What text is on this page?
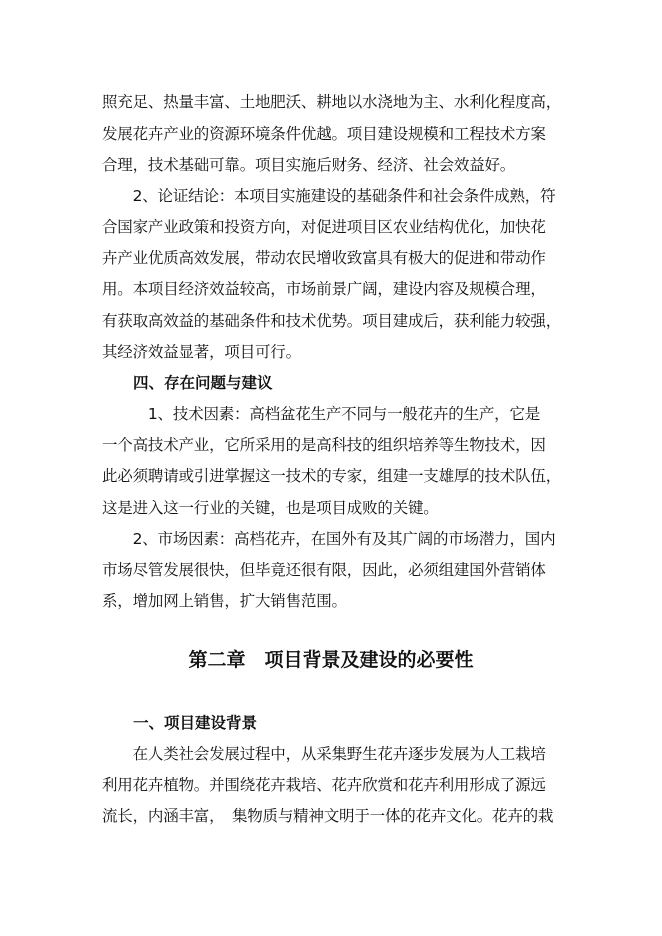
照充足、热量丰富、土地肥沃、耕地以水浇地为主、水利化程度高，
发展花卉产业的资源环境条件优越。项目建设规模和工程技术方案
合理，技术基础可靠。项目实施后财务、经济、社会效益好。
　　2、论证结论：本项目实施建设的基础条件和社会条件成熟，符
合国家产业政策和投资方向，对促进项目区农业结构优化，加快花
卉产业优质高效发展，带动农民增收致富具有极大的促进和带动作
用。本项目经济效益较高，市场前景广阔，建设内容及规模合理，
有获取高效益的基础条件和技术优势。项目建成后，获利能力较强，
其经济效益显著，项目可行。
四、存在问题与建议
　　　1、技术因素：高档盆花生产不同与一般花卉的生产，它是
一个高技术产业，它所采用的是高科技的组织培养等生物技术，因
此必须聘请或引进掌握这一技术的专家，组建一支雄厚的技术队伍，
这是进入这一行业的关键，也是项目成败的关键。
　　2、市场因素：高档花卉，在国外有及其广阔的市场潜力，国内
市场尽管发展很快，但毕竟还很有限，因此，必须组建国外营销体
系，增加网上销售，扩大销售范围。
第二章　项目背景及建设的必要性
一、项目建设背景
　　在人类社会发展过程中，从采集野生花卉逐步发展为人工栽培
利用花卉植物。并围绕花卉栽培、花卉欣赏和花卉利用形成了源远
流长，内涵丰富，　集物质与精神文明于一体的花卉文化。花卉的栽
